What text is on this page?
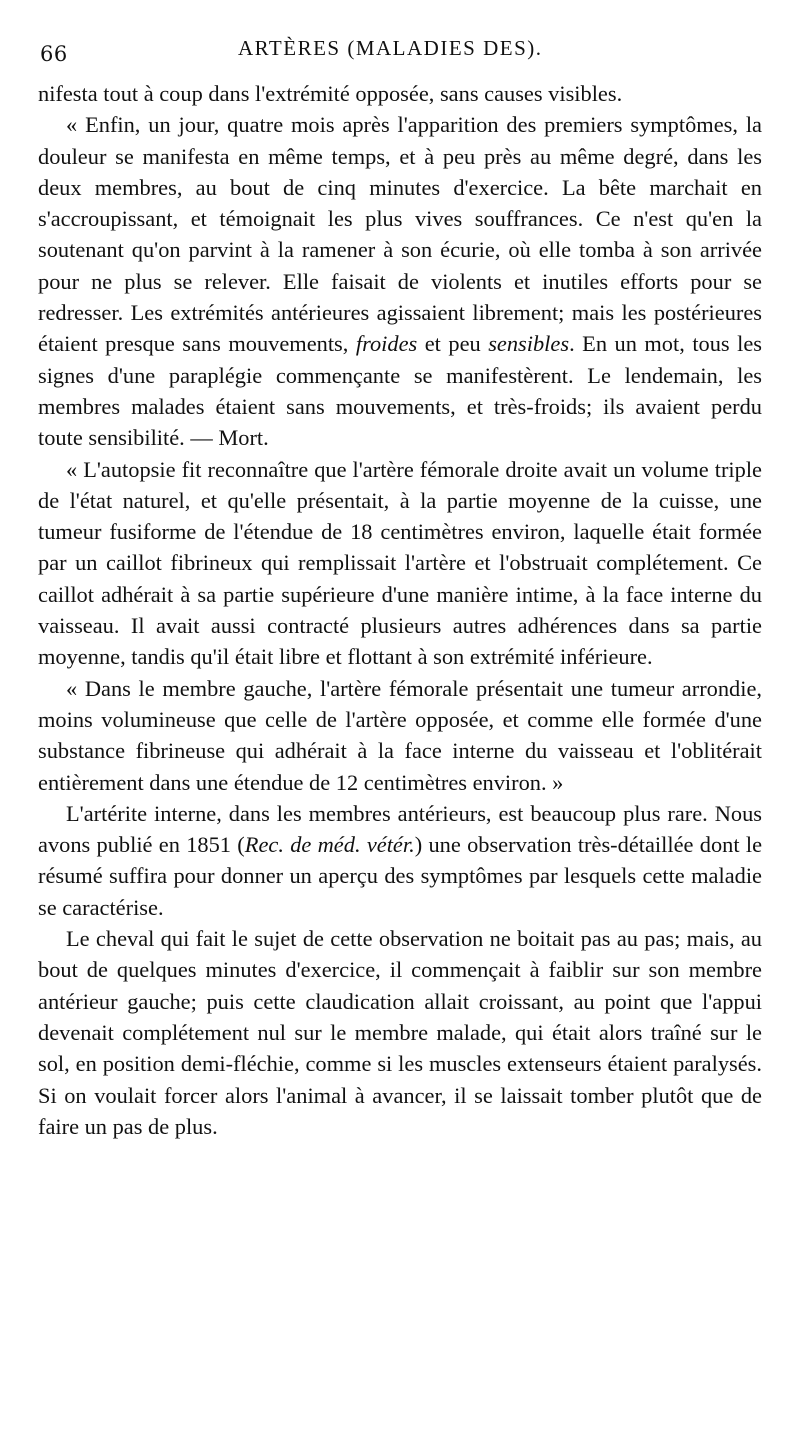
66	ARTÈRES (MALADIES DES).

nifesta tout à coup dans l'extrémité opposée, sans causes visibles.

« Enfin, un jour, quatre mois après l'apparition des premiers symptômes, la douleur se manifesta en même temps, et à peu près au même degré, dans les deux membres, au bout de cinq minutes d'exercice. La bête marchait en s'accroupissant, et témoignait les plus vives souffrances. Ce n'est qu'en la soutenant qu'on parvint à la ramener à son écurie, où elle tomba à son arrivée pour ne plus se relever. Elle faisait de violents et inutiles efforts pour se redresser. Les extrémités antérieures agissaient librement; mais les postérieures étaient presque sans mouvements, froides et peu sensibles. En un mot, tous les signes d'une paraplégie commençante se manifestèrent. Le lendemain, les membres malades étaient sans mouvements, et très-froids; ils avaient perdu toute sensibilité. — Mort.

« L'autopsie fit reconnaître que l'artère fémorale droite avait un volume triple de l'état naturel, et qu'elle présentait, à la partie moyenne de la cuisse, une tumeur fusiforme de l'étendue de 18 centimètres environ, laquelle était formée par un caillot fibrineux qui remplissait l'artère et l'obstruait complétement. Ce caillot adhérait à sa partie supérieure d'une manière intime, à la face interne du vaisseau. Il avait aussi contracté plusieurs autres adhérences dans sa partie moyenne, tandis qu'il était libre et flottant à son extrémité inférieure.

« Dans le membre gauche, l'artère fémorale présentait une tumeur arrondie, moins volumineuse que celle de l'artère opposée, et comme elle formée d'une substance fibrineuse qui adhérait à la face interne du vaisseau et l'oblitérait entièrement dans une étendue de 12 centimètres environ. »

L'artérite interne, dans les membres antérieurs, est beaucoup plus rare. Nous avons publié en 1851 (Rec. de méd. vétér.) une observation très-détaillée dont le résumé suffira pour donner un aperçu des symptômes par lesquels cette maladie se caractérise.

Le cheval qui fait le sujet de cette observation ne boitait pas au pas; mais, au bout de quelques minutes d'exercice, il commençait à faiblir sur son membre antérieur gauche; puis cette claudication allait croissant, au point que l'appui devenait complétement nul sur le membre malade, qui était alors traîné sur le sol, en position demi-fléchie, comme si les muscles extenseurs étaient paralysés. Si on voulait forcer alors l'animal à avancer, il se laissait tomber plutôt que de faire un pas de plus.
